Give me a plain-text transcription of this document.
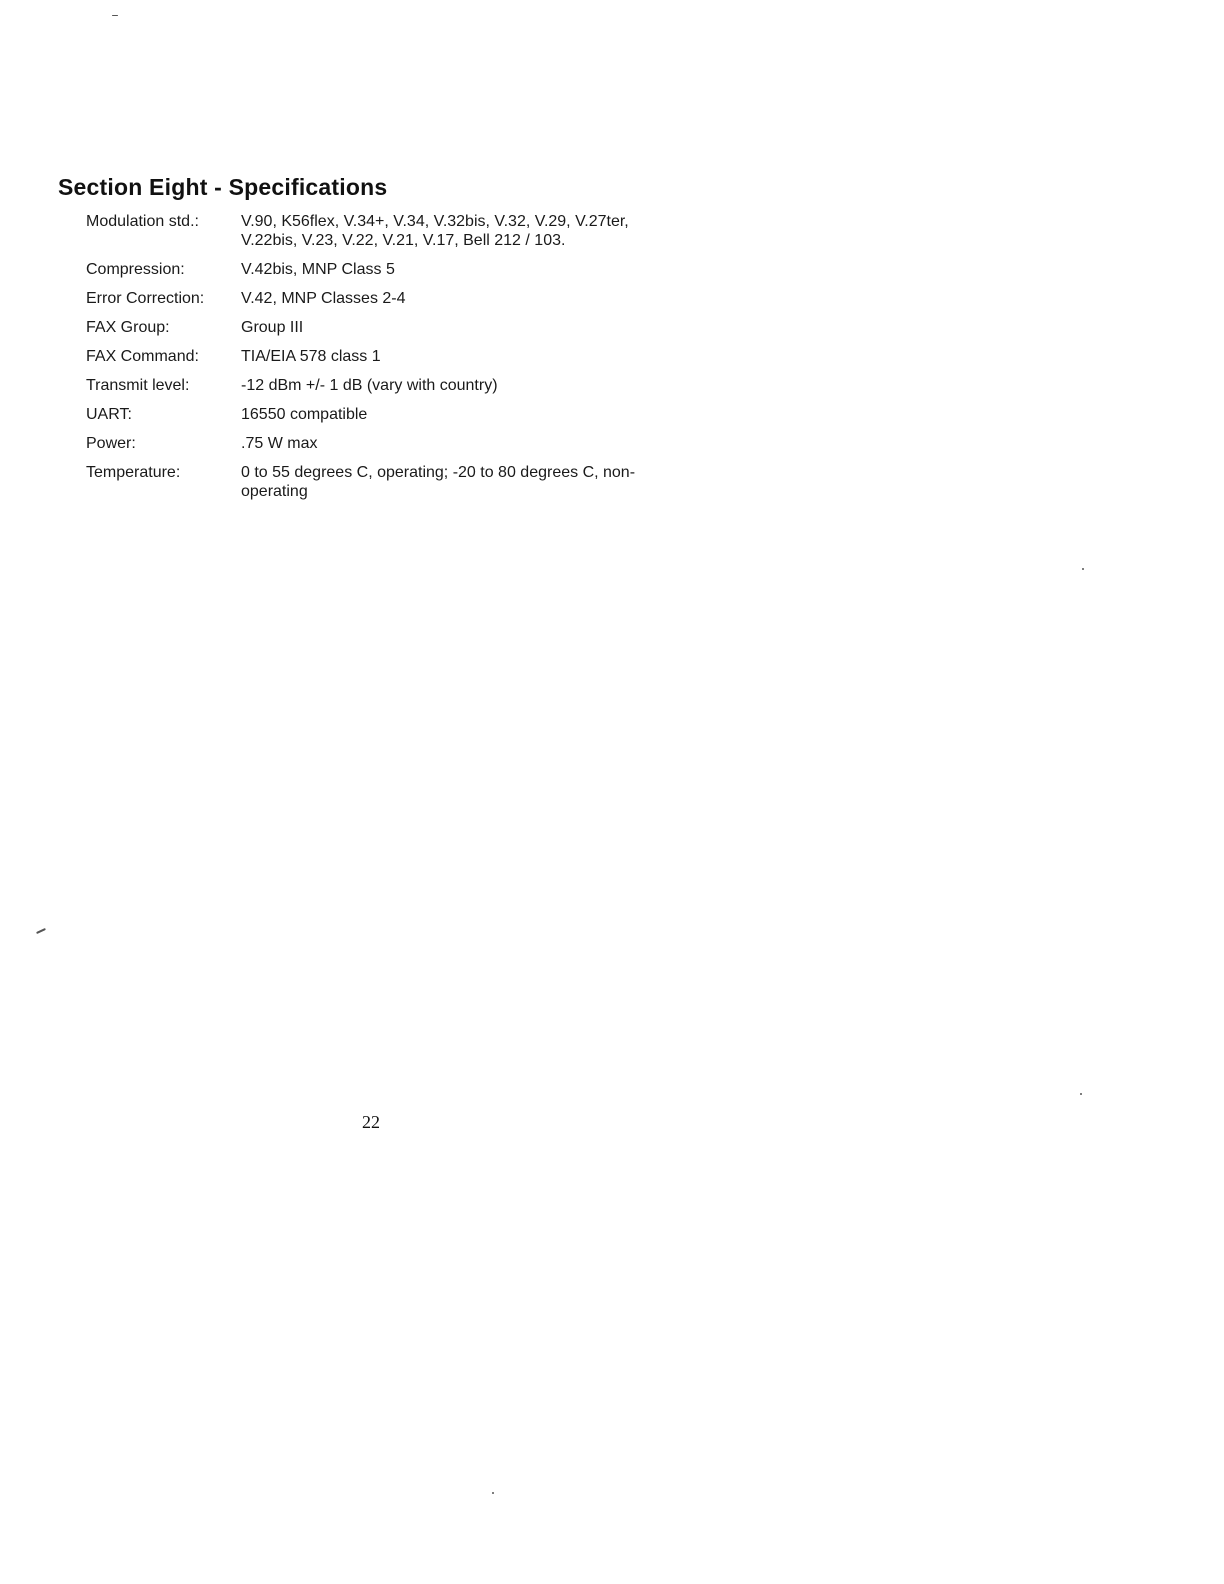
Section Eight - Specifications
Modulation std.:	V.90, K56flex, V.34+, V.34, V.32bis, V.32, V.29, V.27ter, V.22bis, V.23, V.22, V.21, V.17, Bell 212 / 103.
Compression:	V.42bis, MNP Class 5
Error Correction:	V.42, MNP Classes 2-4
FAX Group:	Group III
FAX Command:	TIA/EIA 578 class 1
Transmit level:	-12 dBm +/- 1 dB (vary with country)
UART:	16550 compatible
Power:	.75 W max
Temperature:	0 to 55 degrees C, operating; -20 to 80 degrees C, non-operating
22
